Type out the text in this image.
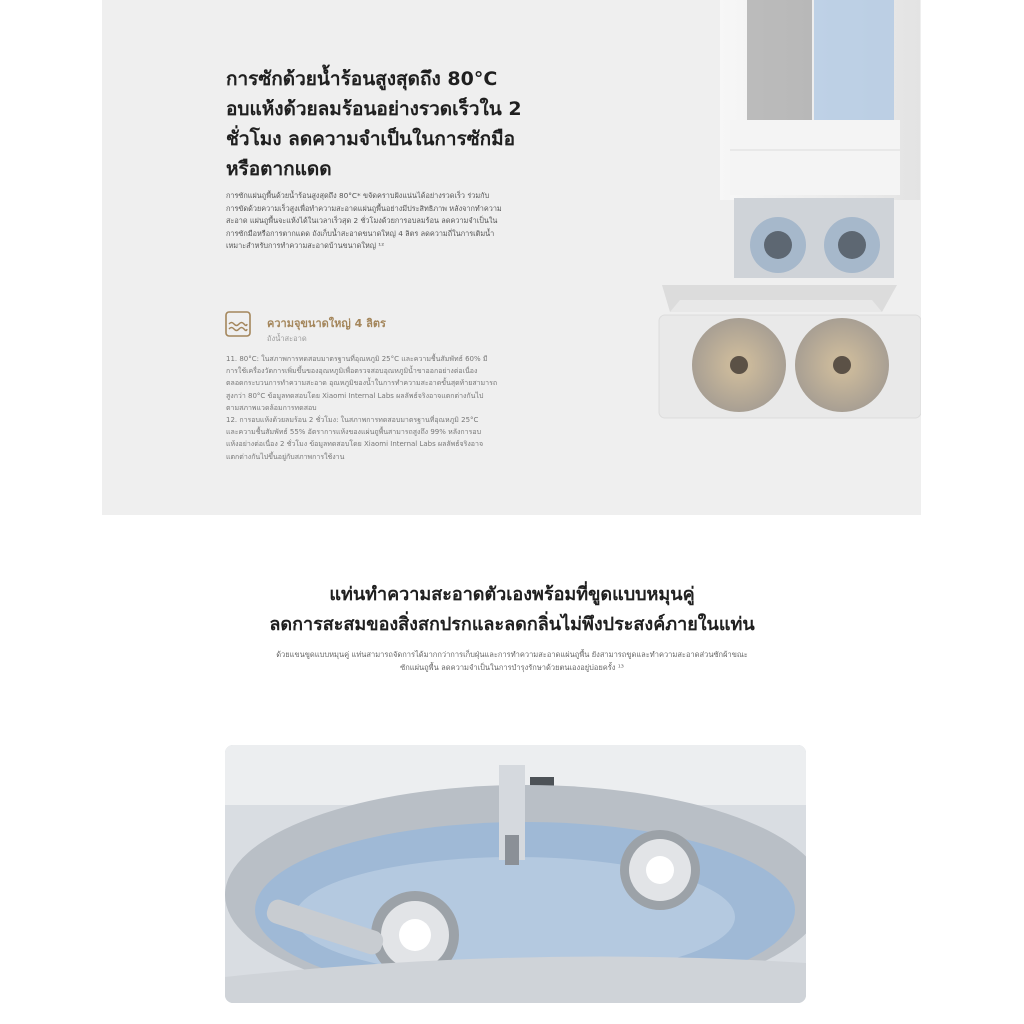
การซักด้วยน้ำร้อนสูงสุดถึง 80°C
อบแห้งด้วยลมร้อนอย่างรวดเร็วใน 2
ชั่วโมง ลดความจำเป็นในการซักมือ
หรือตากแดด
การซักแผ่นถูพื้นด้วยน้ำร้อนสูงสุดถึง 80°C* ขจัดคราบฝังแน่นได้อย่างรวดเร็ว ร่วมกับ
การขัดด้วยความเร็วสูงเพื่อทำความสะอาดแผ่นถูพื้นอย่างมีประสิทธิภาพ หลังจากทำความ
สะอาด แผ่นถูพื้นจะแห้งได้ในเวลาเร็วสุด 2 ชั่วโมงด้วยการอบลมร้อน ลดความจำเป็นใน
การซักมือหรือการตากแดด ถังเก็บน้ำสะอาดขนาดใหญ่ 4 ลิตร ลดความถี่ในการเติมน้ำ
เหมาะสำหรับการทำความสะอาดบ้านขนาดใหญ่ ¹²
ความจุขนาดใหญ่ 4 ลิตร
ถังน้ำสะอาด
11. 80°C: ในสภาพการทดสอบมาตรฐานที่อุณหภูมิ 25°C และความชื้นสัมพัทธ์ 60% มี
การใช้เครื่องวัดการเพิ่มขึ้นของอุณหภูมิเพื่อตรวจสอบอุณหภูมิน้ำขาออกอย่างต่อเนื่อง
ตลอดกระบวนการทำความสะอาด อุณหภูมิของน้ำในการทำความสะอาดขั้นสุดท้ายสามารถ
สูงกว่า 80°C ข้อมูลทดสอบโดย Xiaomi Internal Labs ผลลัพธ์จริงอาจแตกต่างกันไป
ตามสภาพแวดล้อมการทดสอบ
12. การอบแห้งด้วยลมร้อน 2 ชั่วโมง: ในสภาพการทดสอบมาตรฐานที่อุณหภูมิ 25°C
และความชื้นสัมพัทธ์ 55% อัตราการแห้งของแผ่นถูพื้นสามารถสูงถึง 99% หลังการอบ
แห้งอย่างต่อเนื่อง 2 ชั่วโมง ข้อมูลทดสอบโดย Xiaomi Internal Labs ผลลัพธ์จริงอาจ
แตกต่างกันไปขึ้นอยู่กับสภาพการใช้งาน
แท่นทำความสะอาดตัวเองพร้อมที่ขูดแบบหมุนคู่
ลดการสะสมของสิ่งสกปรกและลดกลิ่นไม่พึงประสงค์ภายในแท่น
ด้วยแขนขูดแบบหมุนคู่ แท่นสามารถจัดการได้มากกว่าการเก็บฝุ่นและการทำความสะอาดแผ่นถูพื้น ยังสามารถขูดและทำความสะอาดส่วนซักผ้าขณะ
ซักแผ่นถูพื้น ลดความจำเป็นในการบำรุงรักษาด้วยตนเองอยู่บ่อยครั้ง ¹³
